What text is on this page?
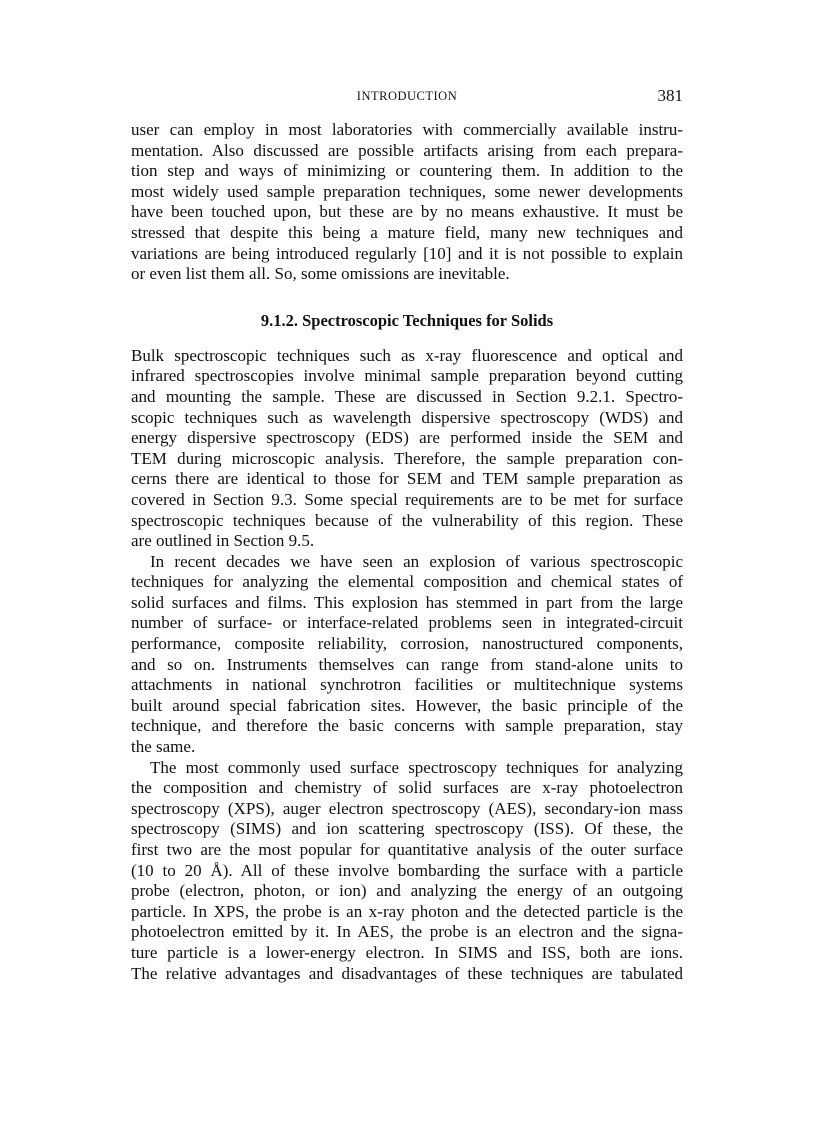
INTRODUCTION	381
user can employ in most laboratories with commercially available instru-
mentation. Also discussed are possible artifacts arising from each prepara-
tion step and ways of minimizing or countering them. In addition to the
most widely used sample preparation techniques, some newer developments
have been touched upon, but these are by no means exhaustive. It must be
stressed that despite this being a mature field, many new techniques and
variations are being introduced regularly [10] and it is not possible to explain
or even list them all. So, some omissions are inevitable.
9.1.2. Spectroscopic Techniques for Solids
Bulk spectroscopic techniques such as x-ray fluorescence and optical and
infrared spectroscopies involve minimal sample preparation beyond cutting
and mounting the sample. These are discussed in Section 9.2.1. Spectro-
scopic techniques such as wavelength dispersive spectroscopy (WDS) and
energy dispersive spectroscopy (EDS) are performed inside the SEM and
TEM during microscopic analysis. Therefore, the sample preparation con-
cerns there are identical to those for SEM and TEM sample preparation as
covered in Section 9.3. Some special requirements are to be met for surface
spectroscopic techniques because of the vulnerability of this region. These
are outlined in Section 9.5.
In recent decades we have seen an explosion of various spectroscopic
techniques for analyzing the elemental composition and chemical states of
solid surfaces and films. This explosion has stemmed in part from the large
number of surface- or interface-related problems seen in integrated-circuit
performance, composite reliability, corrosion, nanostructured components,
and so on. Instruments themselves can range from stand-alone units to
attachments in national synchrotron facilities or multitechnique systems
built around special fabrication sites. However, the basic principle of the
technique, and therefore the basic concerns with sample preparation, stay
the same.
The most commonly used surface spectroscopy techniques for analyzing
the composition and chemistry of solid surfaces are x-ray photoelectron
spectroscopy (XPS), auger electron spectroscopy (AES), secondary-ion mass
spectroscopy (SIMS) and ion scattering spectroscopy (ISS). Of these, the
first two are the most popular for quantitative analysis of the outer surface
(10 to 20 Å). All of these involve bombarding the surface with a particle
probe (electron, photon, or ion) and analyzing the energy of an outgoing
particle. In XPS, the probe is an x-ray photon and the detected particle is the
photoelectron emitted by it. In AES, the probe is an electron and the signa-
ture particle is a lower-energy electron. In SIMS and ISS, both are ions.
The relative advantages and disadvantages of these techniques are tabulated
